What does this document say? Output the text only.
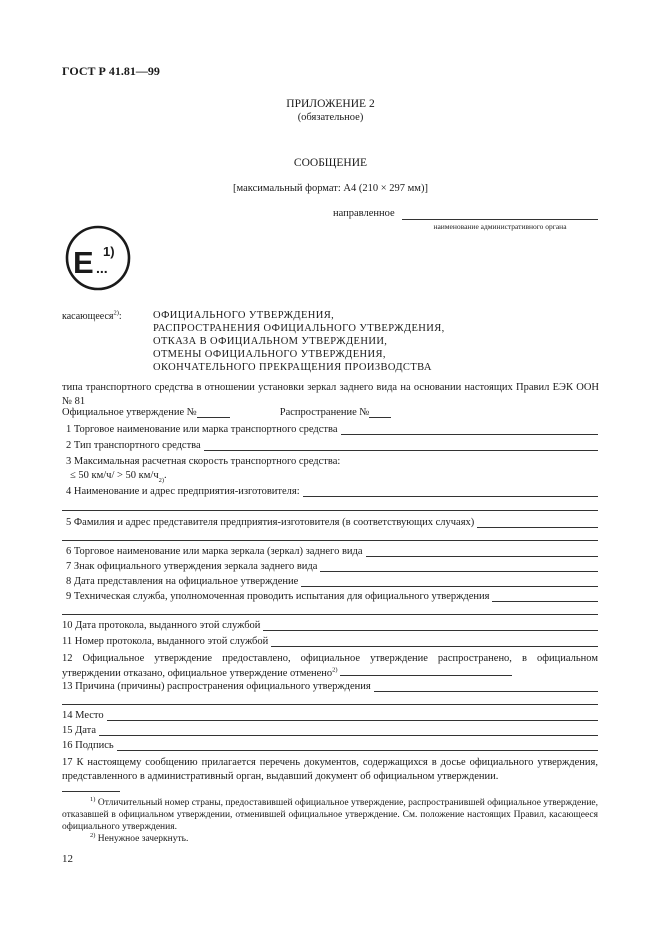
ГОСТ Р 41.81—99
ПРИЛОЖЕНИЕ 2
(обязательное)
СООБЩЕНИЕ
[максимальный формат: А4 (210 × 297 мм)]
направленное
наименование административного органа
E ...
1)
касающееся$^{2)}$:	ОФИЦИАЛЬНОГО УТВЕРЖДЕНИЯ,
РАСПРОСТРАНЕНИЯ ОФИЦИАЛЬНОГО УТВЕРЖДЕНИЯ,
ОТКАЗА В ОФИЦИАЛЬНОМ УТВЕРЖДЕНИИ,
ОТМЕНЫ ОФИЦИАЛЬНОГО УТВЕРЖДЕНИЯ,
ОКОНЧАТЕЛЬНОГО ПРЕКРАЩЕНИЯ ПРОИЗВОДСТВА
типа транспортного средства в отношении установки зеркал заднего вида на основании настоящих Правил ЕЭК ООН № 81
Официальное утверждение №	Распространение №
1 Торговое наименование или марка транспортного средства
2 Тип транспортного средства
3 Максимальная расчетная скорость транспортного средства:
≤ 50 км/ч/ > 50 км/ч 2) .
4 Наименование и адрес предприятия-изготовителя:
5 Фамилия и адрес представителя предприятия-изготовителя (в соответствующих случаях)
6 Торговое наименование или марка зеркала (зеркал) заднего вида
7 Знак официального утверждения зеркала заднего вида
8 Дата представления на официальное утверждение
9 Техническая служба, уполномоченная проводить испытания для официального утверждения
10 Дата протокола, выданного этой службой
11 Номер протокола, выданного этой службой
12 Официальное утверждение предоставлено, официальное утверждение распространено, в официальном утверждении отказано, официальное утверждение отменено$^{2)}$
13 Причина (причины) распространения официального утверждения
14 Место
15 Дата
16 Подпись
17 К настоящему сообщению прилагается перечень документов, содержащихся в досье официального утверждения, представленного в административный орган, выдавший документ об официальном утверждении.
$^{1)}$ Отличительный номер страны, предоставившей официальное утверждение, распространившей официальное утверждение, отказавшей в официальном утверждении, отменившей официальное утверждение. См. положение настоящих Правил, касающееся официального утверждения.
$^{2)}$ Ненужное зачеркнуть.
12
